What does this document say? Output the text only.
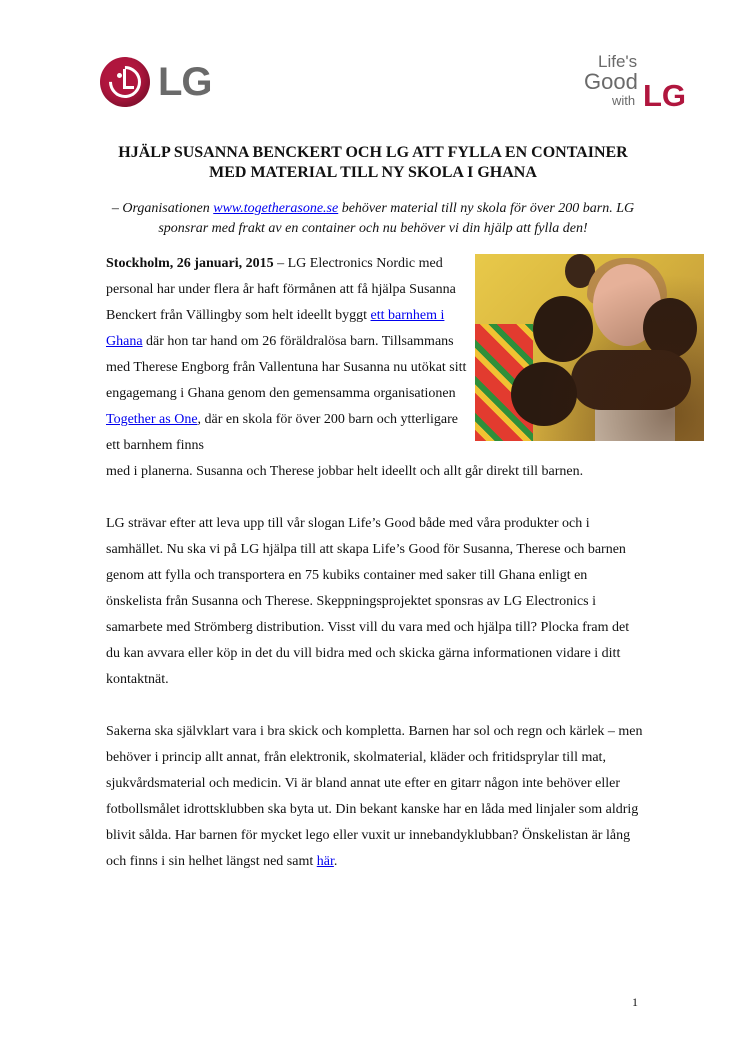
LG	Life's
Good
with LG
HJÄLP SUSANNA BENCKERT OCH LG ATT FYLLA EN CONTAINER MED MATERIAL TILL NY SKOLA I GHANA

– Organisationen www.togetherasone.se behöver material till ny skola för över 200 barn. LG sponsrar med frakt av en container och nu behöver vi din hjälp att fylla den!

Stockholm, 26 januari, 2015 – LG Electronics Nordic med personal har under flera år haft förmånen att få hjälpa Susanna Benckert från Vällingby som helt ideellt byggt ett barnhem i Ghana där hon tar hand om 26 föräldralösa barn. Tillsammans med Therese Engborg från Vallentuna har Susanna nu utökat sitt engagemang i Ghana genom den gemensamma organisationen Together as One, där en skola för över 200 barn och ytterligare ett barnhem finns

med i planerna. Susanna och Therese jobbar helt ideellt och allt går direkt till barnen.

LG strävar efter att leva upp till vår slogan Life’s Good både med våra produkter och i samhället. Nu ska vi på LG hjälpa till att skapa Life’s Good för Susanna, Therese och barnen genom att fylla och transportera en 75 kubiks container med saker till Ghana enligt en önskelista från Susanna och Therese. Skeppningsprojektet sponsras av LG Electronics i samarbete med Strömberg distribution. Visst vill du vara med och hjälpa till? Plocka fram det du kan avvara eller köp in det du vill bidra med och skicka gärna informationen vidare i ditt kontaktnät.

Sakerna ska självklart vara i bra skick och kompletta. Barnen har sol och regn och kärlek – men behöver i princip allt annat, från elektronik, skolmaterial, kläder och fritidsprylar till mat, sjukvårdsmaterial och medicin. Vi är bland annat ute efter en gitarr någon inte behöver eller fotbollsmålet idrottsklubben ska byta ut. Din bekant kanske har en låda med linjaler som aldrig blivit sålda. Har barnen för mycket lego eller vuxit ur innebandyklubban? Önskelistan är lång och finns i sin helhet längst ned samt här.

1
